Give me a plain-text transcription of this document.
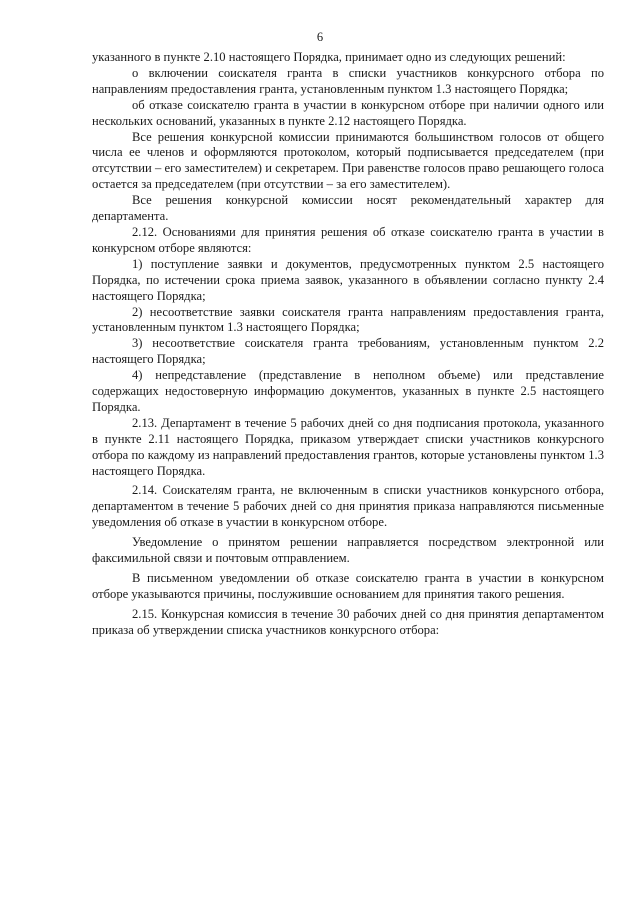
6

указанного в пункте 2.10 настоящего Порядка, принимает одно из следующих решений:

о включении соискателя гранта в списки участников конкурсного отбора по направлениям предоставления гранта, установленным пунктом 1.3 настоящего Порядка;

об отказе соискателю гранта в участии в конкурсном отборе при наличии одного или нескольких оснований, указанных в пункте 2.12 настоящего Порядка.

Все решения конкурсной комиссии принимаются большинством голосов от общего числа ее членов и оформляются протоколом, который подписывается председателем (при отсутствии – его заместителем) и секретарем. При равенстве голосов право решающего голоса остается за председателем (при отсутствии – за его заместителем).

Все решения конкурсной комиссии носят рекомендательный характер для департамента.

2.12. Основаниями для принятия решения об отказе соискателю гранта в участии в конкурсном отборе являются:

1) поступление заявки и документов, предусмотренных пунктом 2.5 настоящего Порядка, по истечении срока приема заявок, указанного в объявлении согласно пункту 2.4 настоящего Порядка;

2) несоответствие заявки соискателя гранта направлениям предоставления гранта, установленным пунктом 1.3 настоящего Порядка;

3) несоответствие соискателя гранта требованиям, установленным пунктом 2.2 настоящего Порядка;

4) непредставление (представление в неполном объеме) или представление содержащих недостоверную информацию документов, указанных в пункте 2.5 настоящего Порядка.

2.13. Департамент в течение 5 рабочих дней со дня подписания протокола, указанного в пункте 2.11 настоящего Порядка, приказом утверждает списки участников конкурсного отбора по каждому из направлений предоставления грантов, которые установлены пунктом 1.3 настоящего Порядка.

2.14. Соискателям гранта, не включенным в списки участников конкурсного отбора, департаментом в течение 5 рабочих дней со дня принятия приказа направляются письменные уведомления об отказе в участии в конкурсном отборе.

Уведомление о принятом решении направляется посредством электронной или факсимильной связи и почтовым отправлением.

В письменном уведомлении об отказе соискателю гранта в участии в конкурсном отборе указываются причины, послужившие основанием для принятия такого решения.

2.15. Конкурсная комиссия в течение 30 рабочих дней со дня принятия департаментом приказа об утверждении списка участников конкурсного отбора:
